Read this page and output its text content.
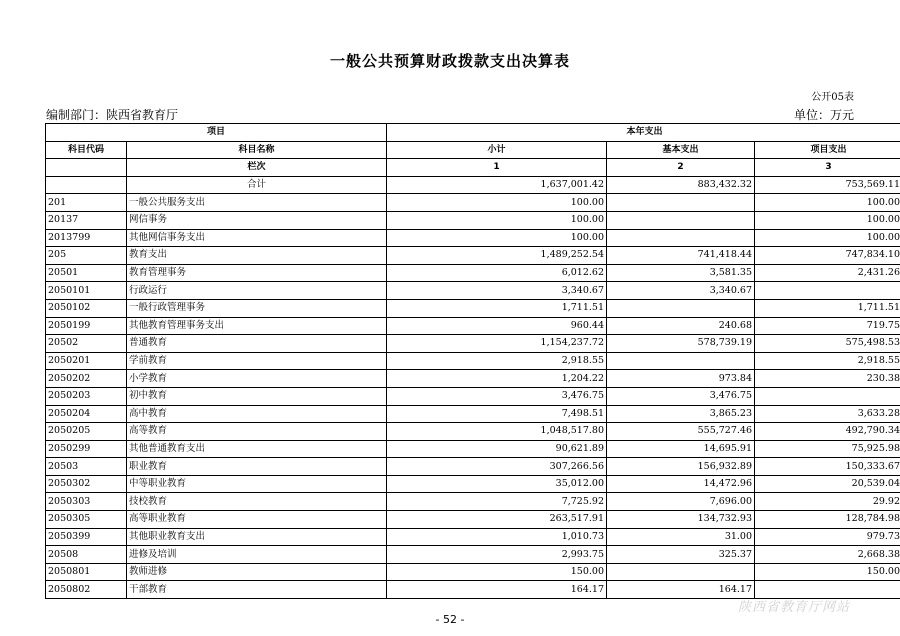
一般公共预算财政拨款支出决算表
公开05表
编制部门：陕西省教育厅	单位：万元
项目		本年支出		
科目代码	科目名称	小计	基本支出	项目支出
	栏次	1	2	3
	合计	1,637,001.42	883,432.32	753,569.11
201	一般公共服务支出	100.00		100.00
20137	网信事务	100.00		100.00
2013799	其他网信事务支出	100.00		100.00
205	教育支出	1,489,252.54	741,418.44	747,834.10
20501	教育管理事务	6,012.62	3,581.35	2,431.26
2050101	行政运行	3,340.67	3,340.67	
2050102	一般行政管理事务	1,711.51		1,711.51
2050199	其他教育管理事务支出	960.44	240.68	719.75
20502	普通教育	1,154,237.72	578,739.19	575,498.53
2050201	学前教育	2,918.55		2,918.55
2050202	小学教育	1,204.22	973.84	230.38
2050203	初中教育	3,476.75	3,476.75	
2050204	高中教育	7,498.51	3,865.23	3,633.28
2050205	高等教育	1,048,517.80	555,727.46	492,790.34
2050299	其他普通教育支出	90,621.89	14,695.91	75,925.98
20503	职业教育	307,266.56	156,932.89	150,333.67
2050302	中等职业教育	35,012.00	14,472.96	20,539.04
2050303	技校教育	7,725.92	7,696.00	29.92
2050305	高等职业教育	263,517.91	134,732.93	128,784.98
2050399	其他职业教育支出	1,010.73	31.00	979.73
20508	进修及培训	2,993.75	325.37	2,668.38
2050801	教师进修	150.00		150.00
2050802	干部教育	164.17	164.17	
- 52 -
陕西省教育厅网站
